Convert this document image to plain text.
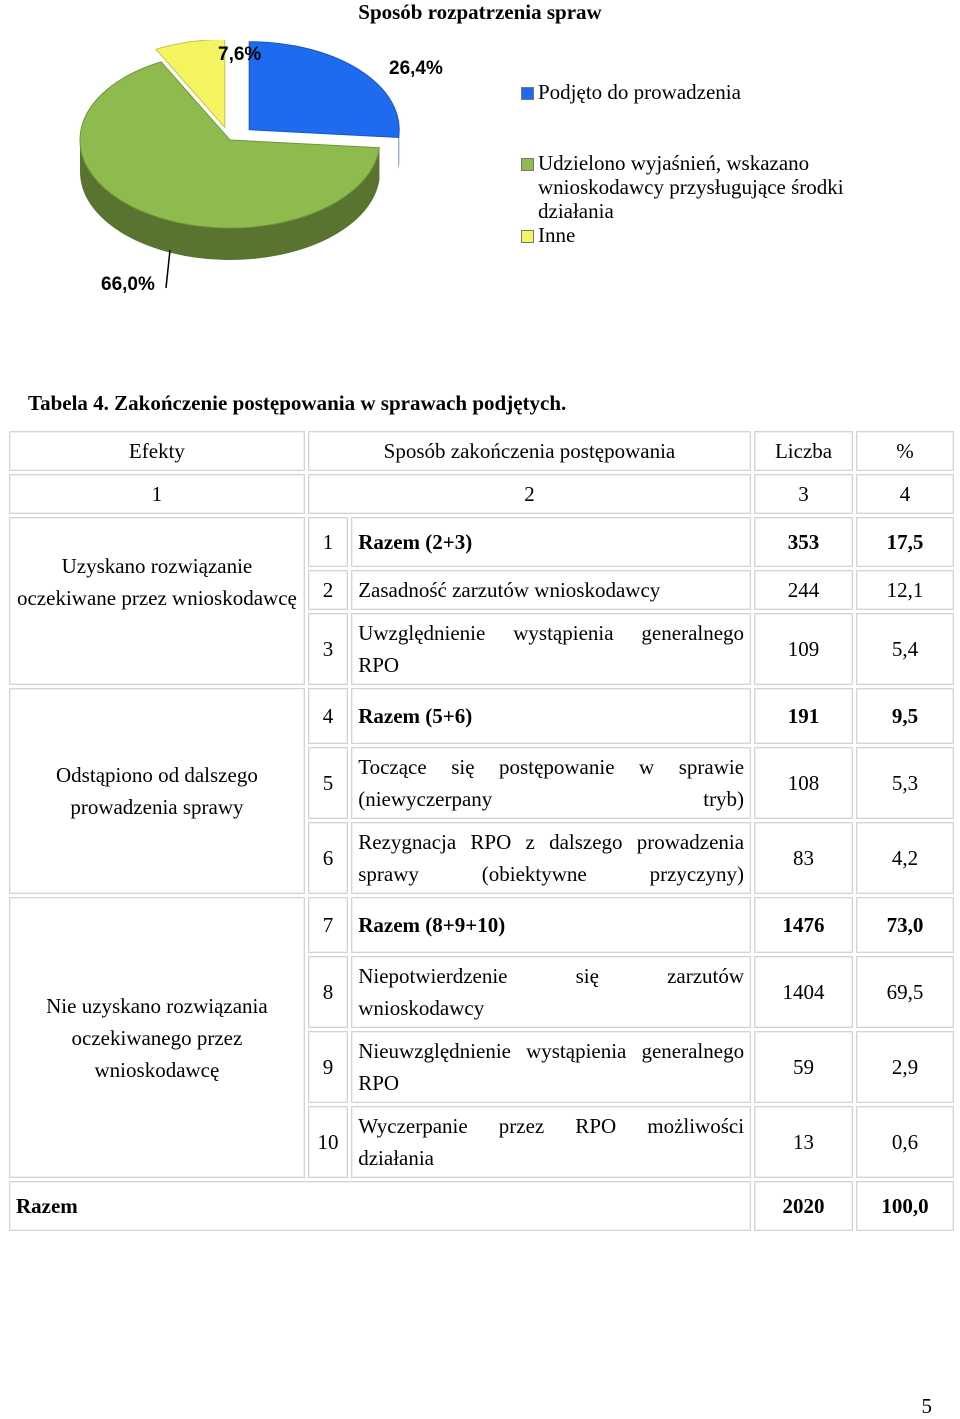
Sposób rozpatrzenia spraw
26,4%
66,0%
7,6%
Podjęto do prowadzenia
Udzielono wyjaśnień, wskazano wnioskodawcy przysługujące środki działania
Inne
Tabela 4. Zakończenie postępowania w sprawach podjętych.
Efekty	Sposób zakończenia postępowania		Liczba	%
1	2		3	4
Uzyskano rozwiązanie oczekiwane przez wnioskodawcę	1	Razem (2+3)	353	17,5
	2	Zasadność zarzutów wnioskodawcy	244	12,1
	3	Uwzględnienie wystąpienia generalnego RPO	109	5,4
Odstąpiono od dalszego prowadzenia sprawy	4	Razem (5+6)	191	9,5
	5	Toczące się postępowanie w sprawie (niewyczerpany tryb)	108	5,3
	6	Rezygnacja RPO z dalszego prowadzenia sprawy (obiektywne przyczyny)	83	4,2
Nie uzyskano rozwiązania oczekiwanego przez wnioskodawcę	7	Razem (8+9+10)	1476	73,0
	8	Niepotwierdzenie się zarzutów wnioskodawcy	1404	69,5
	9	Nieuwzględnienie wystąpienia generalnego RPO	59	2,9
	10	Wyczerpanie przez RPO możliwości działania	13	0,6
Razem			2020	100,0
5
